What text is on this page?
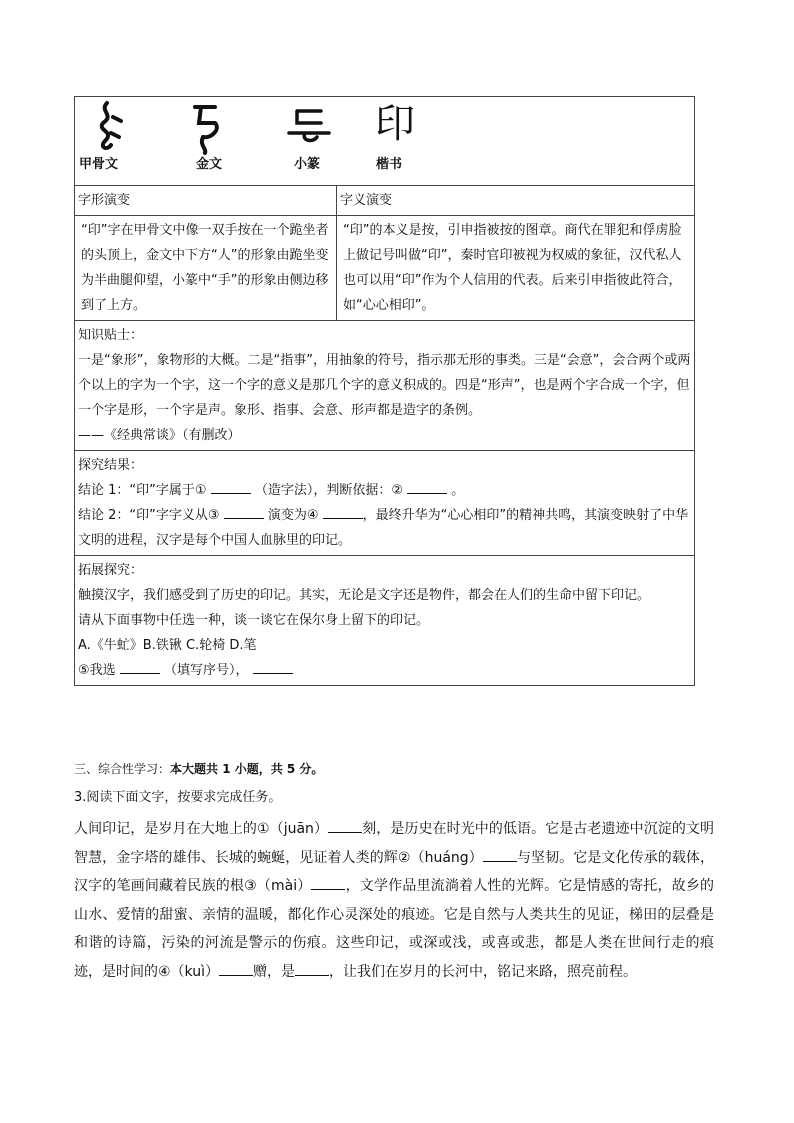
印
甲骨文 金文 小篆 楷书	

字形演变	字义演变
“印”字在甲骨文中像一双手按在一个跪坐者的头顶上，金文中下方“人”的形象由跪坐变为半曲腿仰望，小篆中“手”的形象由侧边移到了上方。	“印”的本义是按，引申指被按的图章。商代在罪犯和俘虏脸上做记号叫做“印”，秦时官印被视为权威的象征，汉代私人也可以用“印”作为个人信用的代表。后来引申指彼此符合，如“心心相印”。

知识贴士：

一是“象形”，象物形的大概。二是“指事”，用抽象的符号，指示那无形的事类。三是“会意”，会合两个或两个以上的字为一个字，这一个字的意义是那几个字的意义积成的。四是“形声”，也是两个字合成一个字，但一个字是形，一个字是声。象形、指事、会意、形声都是造字的条例。

——《经典常谈》（有删改）	

探究结果：

结论 1：“印”字属于① （造字法），判断依据：② 。

结论 2：“印”字字义从③ 演变为④ ，最终升华为“心心相印”的精神共鸣，其演变映射了中华文明的进程，汉字是每个中国人血脉里的印记。	

拓展探究：

触摸汉字，我们感受到了历史的印记。其实，无论是文字还是物件，都会在人们的生命中留下印记。

请从下面事物中任选一种，谈一谈它在保尔身上留下的印记。

A.《牛虻》B.铁锹 C.轮椅 D.笔

⑤我选 （填写序号），	

三、综合性学习：本大题共 1 小题，共 5 分。
3.阅读下面文字，按要求完成任务。
人间印记，是岁月在大地上的①（juān） 刻，是历史在时光中的低语。它是古老遗迹中沉淀的文明智慧，金字塔的雄伟、长城的蜿蜒，见证着人类的辉②（huáng） 与坚韧。它是文化传承的载体，汉字的笔画间藏着民族的根③（mài） ，文学作品里流淌着人性的光辉。它是情感的寄托，故乡的山水、爱情的甜蜜、亲情的温暖，都化作心灵深处的痕迹。它是自然与人类共生的见证，梯田的层叠是和谐的诗篇，污染的河流是警示的伤痕。这些印记，或深或浅，或喜或悲，都是人类在世间行走的痕迹，是时间的④（kuì） 赠，是 ，让我们在岁月的长河中，铭记来路，照亮前程。
